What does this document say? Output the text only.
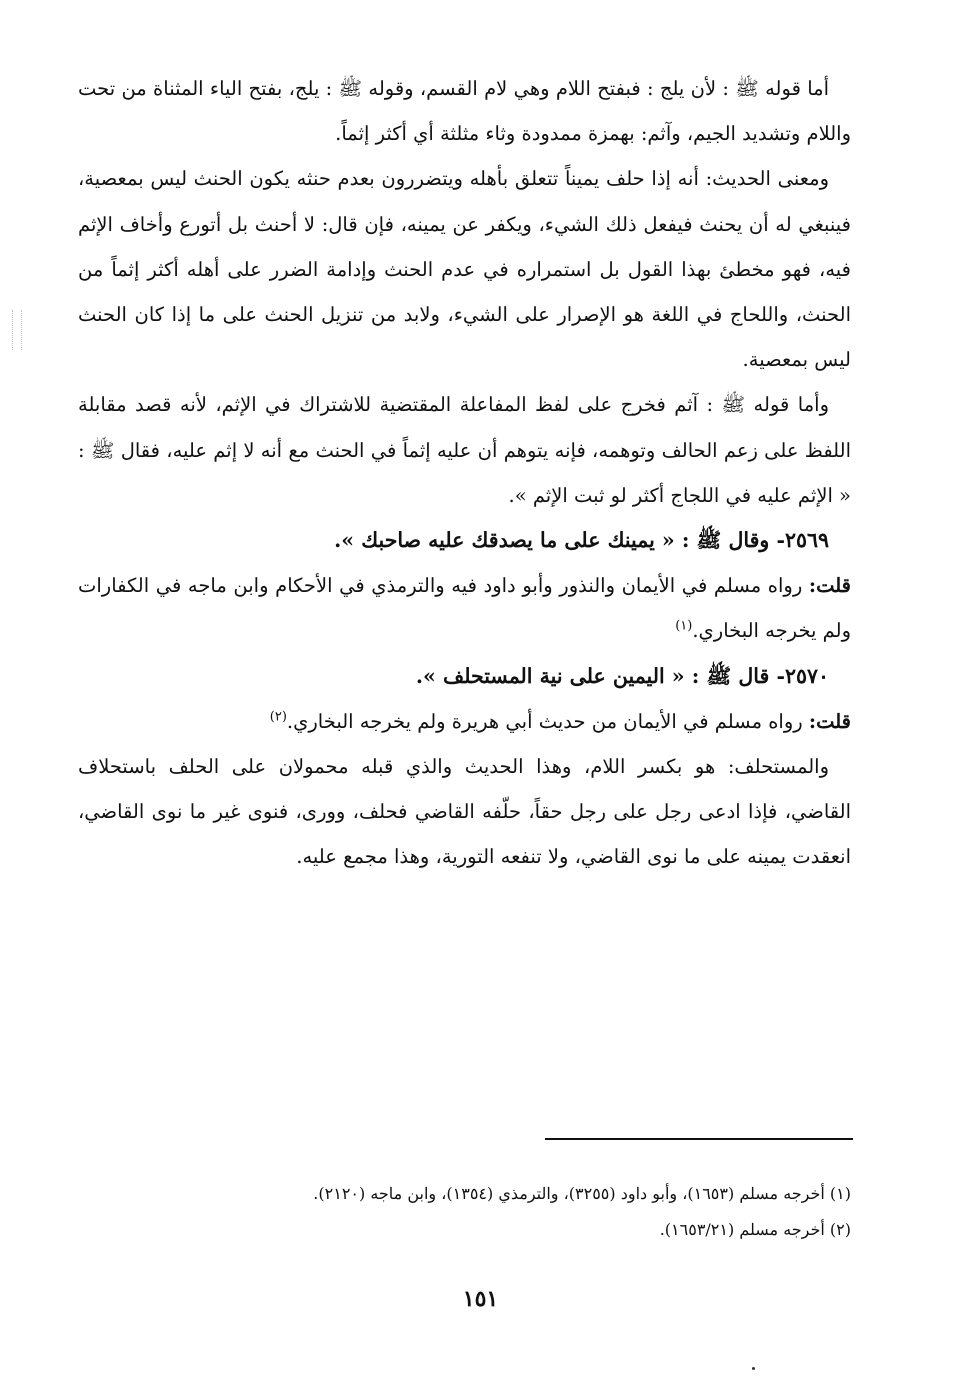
أما قوله ﷺ : لأن يلج : فبفتح اللام وهي لام القسم، وقوله ﷺ : يلج، بفتح الياء المثناة من تحت واللام وتشديد الجيم، وآثم: بهمزة ممدودة وثاء مثلثة أي أكثر إثماً.

ومعنى الحديث: أنه إذا حلف يميناً تتعلق بأهله ويتضررون بعدم حنثه يكون الحنث ليس بمعصية، فينبغي له أن يحنث فيفعل ذلك الشيء، ويكفر عن يمينه، فإن قال: لا أحنث بل أتورع وأخاف الإثم فيه، فهو مخطئ بهذا القول بل استمراره في عدم الحنث وإدامة الضرر على أهله أكثر إثماً من الحنث، واللحاج في اللغة هو الإصرار على الشيء، ولابد من تنزيل الحنث على ما إذا كان الحنث ليس بمعصية.

وأما قوله ﷺ : آثم فخرج على لفظ المفاعلة المقتضية للاشتراك في الإثم، لأنه قصد مقابلة اللفظ على زعم الحالف وتوهمه، فإنه يتوهم أن عليه إثماً في الحنث مع أنه لا إثم عليه، فقال ﷺ : « الإثم عليه في اللجاج أكثر لو ثبت الإثم ».

٢٥٦٩- وقال ﷺ : « يمينك على ما يصدقك عليه صاحبك ».

قلت: رواه مسلم في الأيمان والنذور وأبو داود فيه والترمذي في الأحكام وابن ماجه في الكفارات ولم يخرجه البخاري.$^{(١)}$

٢٥٧٠- قال ﷺ : « اليمين على نية المستحلف ».

قلت: رواه مسلم في الأيمان من حديث أبي هريرة ولم يخرجه البخاري.$^{(٢)}$

والمستحلف: هو بكسر اللام، وهذا الحديث والذي قبله محمولان على الحلف باستحلاف القاضي، فإذا ادعى رجل على رجل حقاً، حلّفه القاضي فحلف، وورى، فنوى غير ما نوى القاضي، انعقدت يمينه على ما نوى القاضي، ولا تنفعه التورية، وهذا مجمع عليه.

(١) أخرجه مسلم (١٦٥٣)، وأبو داود (٣٢٥٥)، والترمذي (١٣٥٤)، وابن ماجه (٢١٢٠).
(٢) أخرجه مسلم (١٦٥٣/٢١).
١٥١
